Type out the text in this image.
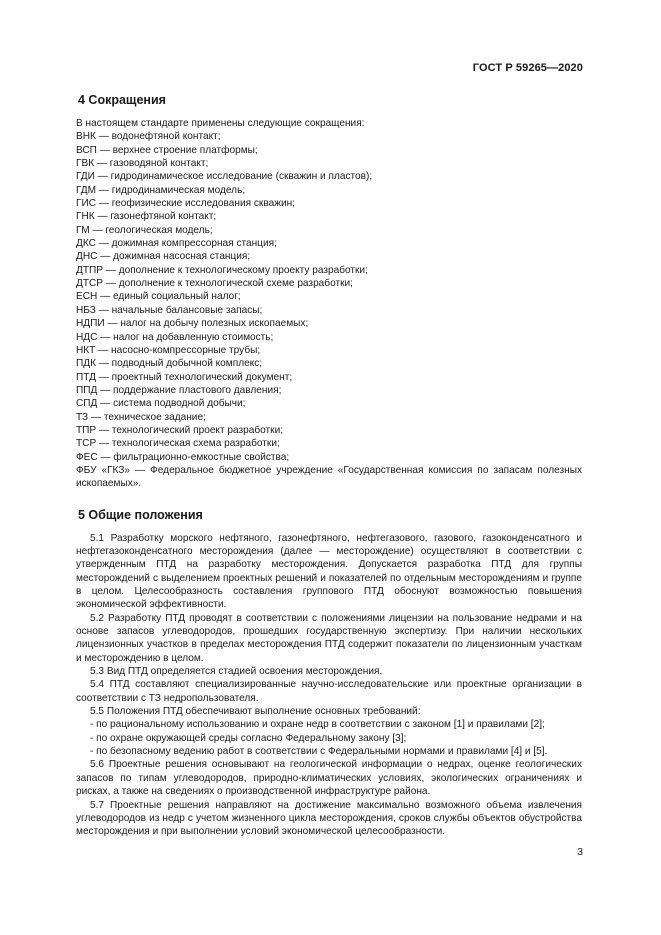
ГОСТ Р 59265—2020
4 Сокращения

В настоящем стандарте применены следующие сокращения:

ВНК — водонефтяной контакт;
ВСП — верхнее строение платформы;
ГВК — газоводяной контакт;
ГДИ — гидродинамическое исследование (скважин и пластов);
ГДМ — гидродинамическая модель;
ГИС — геофизические исследования скважин;
ГНК — газонефтяной контакт;
ГМ — геологическая модель;
ДКС — дожимная компрессорная станция;
ДНС — дожимная насосная станция;
ДТПР — дополнение к технологическому проекту разработки;
ДТСР — дополнение к технологической схеме разработки;
ЕСН — единый социальный налог;
НБЗ — начальные балансовые запасы;
НДПИ — налог на добычу полезных ископаемых;
НДС — налог на добавленную стоимость;
НКТ — насосно-компрессорные трубы;
ПДК — подводный добычной комплекс;
ПТД — проектный технологический документ;
ППД — поддержание пластового давления;
СПД — система подводной добычи;
ТЗ — техническое задание;
ТПР — технологический проект разработки;
ТСР — технологическая схема разработки;
ФЕС — фильтрационно-емкостные свойства;
ФБУ «ГКЗ» — Федеральное бюджетное учреждение «Государственная комиссия по запасам полезных ископаемых».
5 Общие положения

5.1 Разработку морского нефтяного, газонефтяного, нефтегазового, газового, газоконденсатного и нефтегазоконденсатного месторождения (далее — месторождение) осуществляют в соответствии с утвержденным ПТД на разработку месторождения. Допускается разработка ПТД для группы месторождений с выделением проектных решений и показателей по отдельным месторождениям и группе в целом. Целесообразность составления группового ПТД обоснуют возможностью повышения экономической эффективности.

5.2 Разработку ПТД проводят в соответствии с положениями лицензии на пользование недрами и на основе запасов углеводородов, прошедших государственную экспертизу. При наличии нескольких лицензионных участков в пределах месторождения ПТД содержит показатели по лицензионным участкам и месторождению в целом.

5.3 Вид ПТД определяется стадией освоения месторождения.

5.4 ПТД составляют специализированные научно-исследовательские или проектные организации в соответствии с ТЗ недропользователя.

5.5 Положения ПТД обеспечивают выполнение основных требований:

- по рациональному использованию и охране недр в соответствии с законом [1] и правилами [2];

- по охране окружающей среды согласно Федеральному закону [3];

- по безопасному ведению работ в соответствии с Федеральными нормами и правилами [4] и [5].

5.6 Проектные решения основывают на геологической информации о недрах, оценке геологических запасов по типам углеводородов, природно-климатических условиях, экологических ограничениях и рисках, а также на сведениях о производственной инфраструктуре района.

5.7 Проектные решения направляют на достижение максимально возможного объема извлечения углеводородов из недр с учетом жизненного цикла месторождения, сроков службы объектов обустройства месторождения и при выполнении условий экономической целесообразности.

3
